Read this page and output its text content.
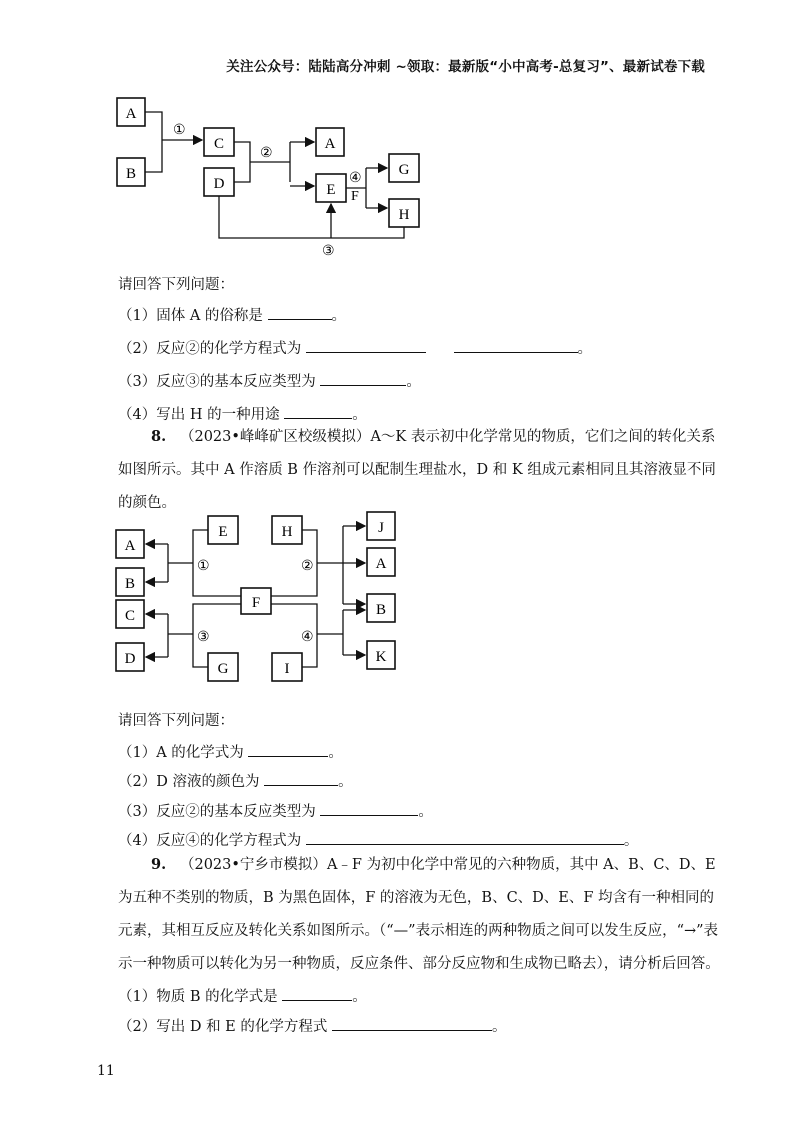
关注公众号：陆陆高分冲刺 ~领取：最新版“小中高考-总复习”、最新试卷下载
A
B
C
D
A
E
G
H
①
②
④
F
③
请回答下列问题：
（1）固体 A 的俗称是	。
（2）反应②的化学方程式为	。
（3）反应③的基本反应类型为	。
（4）写出 H 的一种用途	。
8. （2023•峰峰矿区校级模拟）A～K 表示初中化学常见的物质，它们之间的转化关系如图所示。其中 A 作溶质 B 作溶剂可以配制生理盐水，D 和 K 组成元素相同且其溶液显不同的颜色。
A
B
C
D
E	H
F
G	I
J
A
B
K
①	②
③	④
请回答下列问题：
（1）A 的化学式为	。
（2）D 溶液的颜色为	。
（3）反应②的基本反应类型为	。
（4）反应④的化学方程式为	。
9. （2023•宁乡市模拟）A﹣F 为初中化学中常见的六种物质，其中 A、B、C、D、E 为五种不类别的物质，B 为黑色固体，F 的溶液为无色，B、C、D、E、F 均含有一种相同的元素，其相互反应及转化关系如图所示。（“—”表示相连的两种物质之间可以发生反应，“→”表示一种物质可以转化为另一种物质，反应条件、部分反应物和生成物已略去），请分析后回答。
（1）物质 B 的化学式是	。
（2）写出 D 和 E 的化学方程式	。
11
